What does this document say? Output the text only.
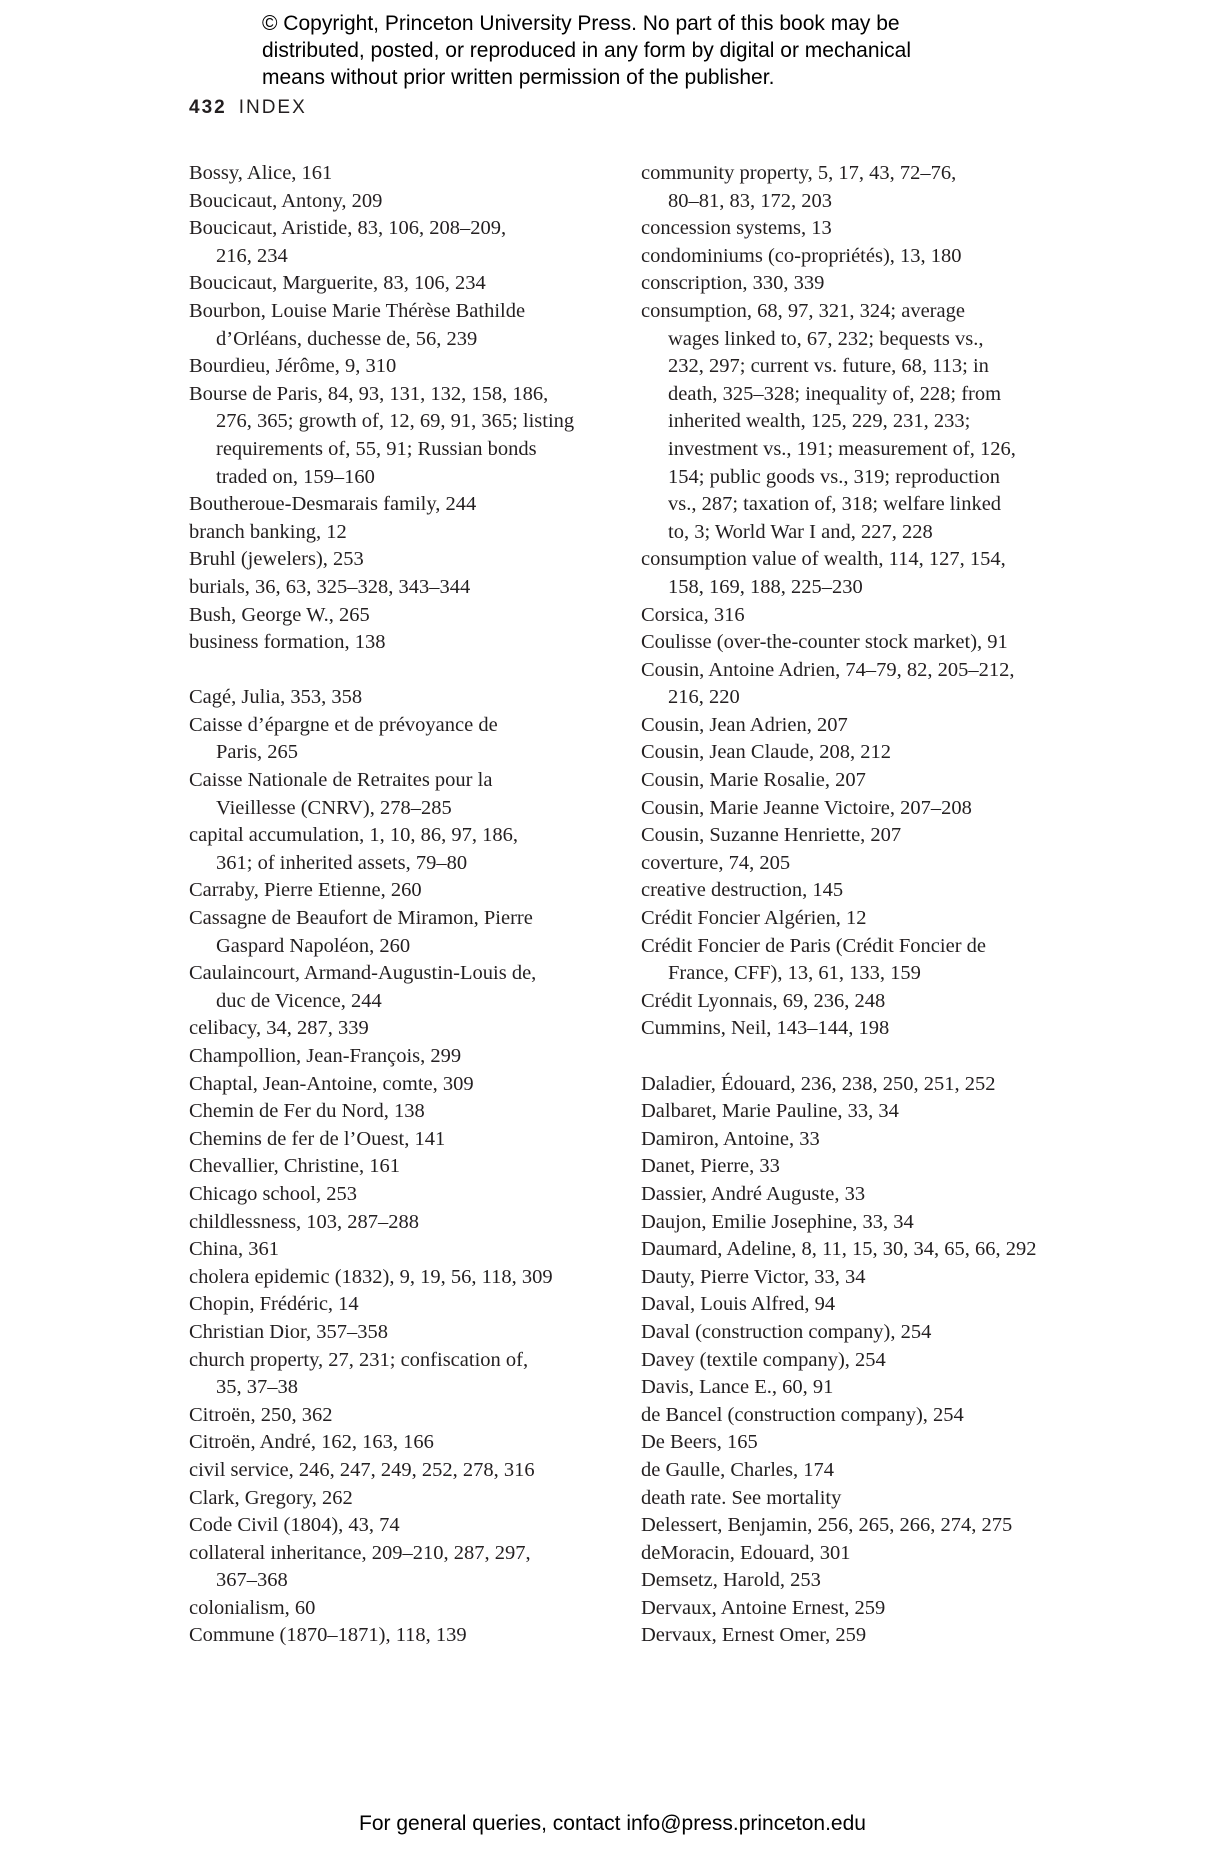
© Copyright, Princeton University Press. No part of this book may be
distributed, posted, or reproduced in any form by digital or mechanical
means without prior written permission of the publisher.
432 INDEX
Bossy, Alice, 161
Boucicaut, Antony, 209
Boucicaut, Aristide, 83, 106, 208–209,
216, 234
Boucicaut, Marguerite, 83, 106, 234
Bourbon, Louise Marie Thérèse Bathilde
d’Orléans, duchesse de, 56, 239
Bourdieu, Jérôme, 9, 310
Bourse de Paris, 84, 93, 131, 132, 158, 186,
276, 365; growth of, 12, 69, 91, 365; listing
requirements of, 55, 91; Russian bonds
traded on, 159–160
Boutheroue-Desmarais family, 244
branch banking, 12
Bruhl (jewelers), 253
burials, 36, 63, 325–328, 343–344
Bush, George W., 265
business formation, 138
Cagé, Julia, 353, 358
Caisse d’épargne et de prévoyance de
Paris, 265
Caisse Nationale de Retraites pour la
Vieillesse (CNRV), 278–285
capital accumulation, 1, 10, 86, 97, 186,
361; of inherited assets, 79–80
Carraby, Pierre Etienne, 260
Cassagne de Beaufort de Miramon, Pierre
Gaspard Napoléon, 260
Caulaincourt, Armand-Augustin-Louis de,
duc de Vicence, 244
celibacy, 34, 287, 339
Champollion, Jean-François, 299
Chaptal, Jean-Antoine, comte, 309
Chemin de Fer du Nord, 138
Chemins de fer de l’Ouest, 141
Chevallier, Christine, 161
Chicago school, 253
childlessness, 103, 287–288
China, 361
cholera epidemic (1832), 9, 19, 56, 118, 309
Chopin, Frédéric, 14
Christian Dior, 357–358
church property, 27, 231; confiscation of,
35, 37–38
Citroën, 250, 362
Citroën, André, 162, 163, 166
civil service, 246, 247, 249, 252, 278, 316
Clark, Gregory, 262
Code Civil (1804), 43, 74
collateral inheritance, 209–210, 287, 297,
367–368
colonialism, 60
Commune (1870–1871), 118, 139
community property, 5, 17, 43, 72–76,
80–81, 83, 172, 203
concession systems, 13
condominiums (co-propriétés), 13, 180
conscription, 330, 339
consumption, 68, 97, 321, 324; average
wages linked to, 67, 232; bequests vs.,
232, 297; current vs. future, 68, 113; in
death, 325–328; inequality of, 228; from
inherited wealth, 125, 229, 231, 233;
investment vs., 191; measurement of, 126,
154; public goods vs., 319; reproduction
vs., 287; taxation of, 318; welfare linked
to, 3; World War I and, 227, 228
consumption value of wealth, 114, 127, 154,
158, 169, 188, 225–230
Corsica, 316
Coulisse (over-the-counter stock market), 91
Cousin, Antoine Adrien, 74–79, 82, 205–212,
216, 220
Cousin, Jean Adrien, 207
Cousin, Jean Claude, 208, 212
Cousin, Marie Rosalie, 207
Cousin, Marie Jeanne Victoire, 207–208
Cousin, Suzanne Henriette, 207
coverture, 74, 205
creative destruction, 145
Crédit Foncier Algérien, 12
Crédit Foncier de Paris (Crédit Foncier de
France, CFF), 13, 61, 133, 159
Crédit Lyonnais, 69, 236, 248
Cummins, Neil, 143–144, 198
Daladier, Édouard, 236, 238, 250, 251, 252
Dalbaret, Marie Pauline, 33, 34
Damiron, Antoine, 33
Danet, Pierre, 33
Dassier, André Auguste, 33
Daujon, Emilie Josephine, 33, 34
Daumard, Adeline, 8, 11, 15, 30, 34, 65, 66, 292
Dauty, Pierre Victor, 33, 34
Daval, Louis Alfred, 94
Daval (construction company), 254
Davey (textile company), 254
Davis, Lance E., 60, 91
de Bancel (construction company), 254
De Beers, 165
de Gaulle, Charles, 174
death rate. See mortality
Delessert, Benjamin, 256, 265, 266, 274, 275
deMoracin, Edouard, 301
Demsetz, Harold, 253
Dervaux, Antoine Ernest, 259
Dervaux, Ernest Omer, 259
For general queries, contact info@press.princeton.edu
